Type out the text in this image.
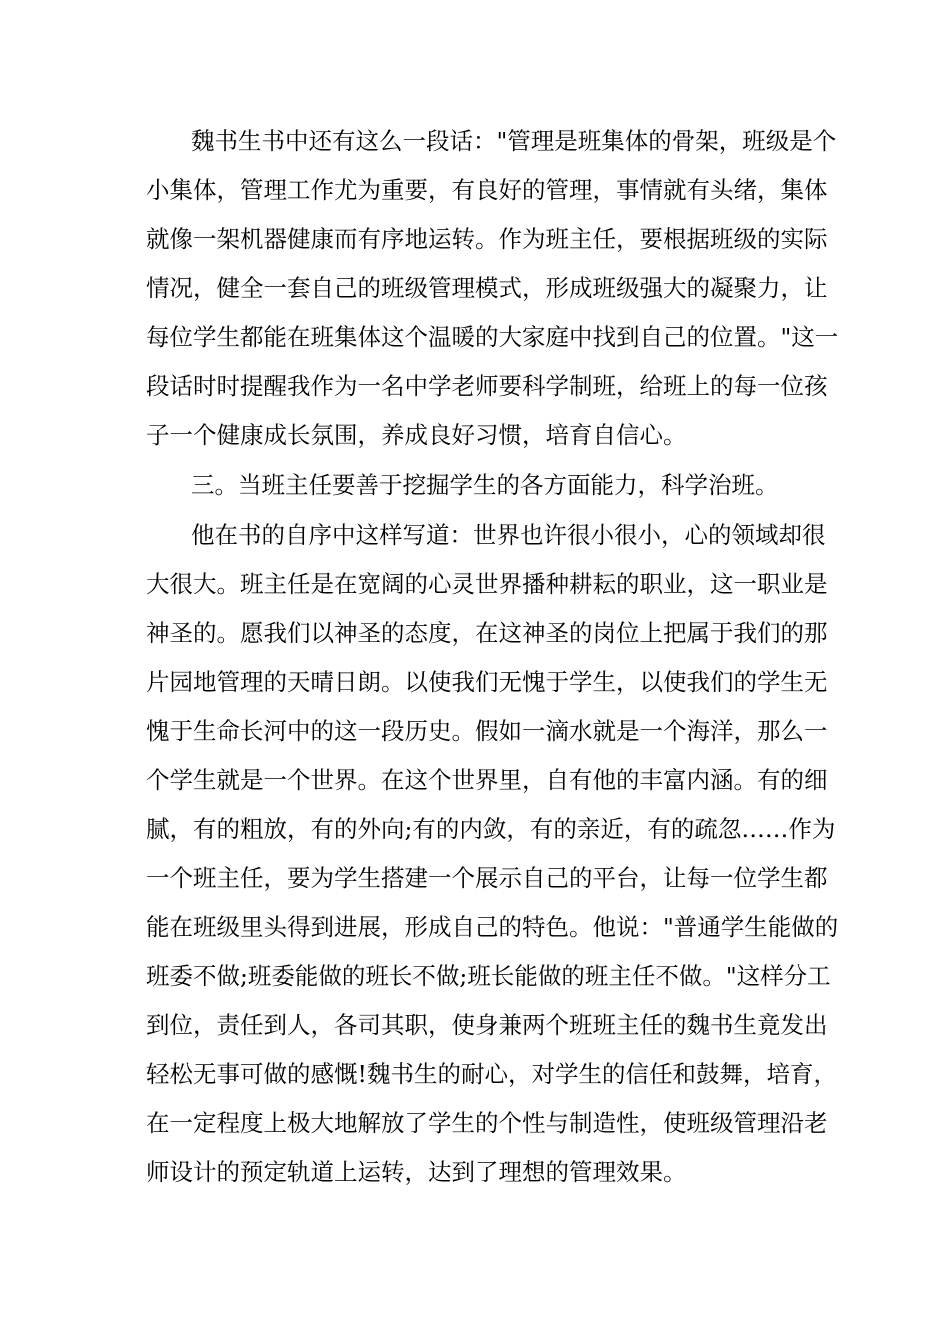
魏书生书中还有这么一段话："管理是班集体的骨架，班级是个
小集体，管理工作尤为重要，有良好的管理，事情就有头绪，集体
就像一架机器健康而有序地运转。作为班主任，要根据班级的实际
情况，健全一套自己的班级管理模式，形成班级强大的凝聚力，让
每位学生都能在班集体这个温暖的大家庭中找到自己的位置。"这一
段话时时提醒我作为一名中学老师要科学制班，给班上的每一位孩
子一个健康成长氛围，养成良好习惯，培育自信心。
三。当班主任要善于挖掘学生的各方面能力，科学治班。
他在书的自序中这样写道：世界也许很小很小，心的领域却很
大很大。班主任是在宽阔的心灵世界播种耕耘的职业，这一职业是
神圣的。愿我们以神圣的态度，在这神圣的岗位上把属于我们的那
片园地管理的天晴日朗。以使我们无愧于学生，以使我们的学生无
愧于生命长河中的这一段历史。假如一滴水就是一个海洋，那么一
个学生就是一个世界。在这个世界里，自有他的丰富内涵。有的细
腻，有的粗放，有的外向;有的内敛，有的亲近，有的疏忽……作为
一个班主任，要为学生搭建一个展示自己的平台，让每一位学生都
能在班级里头得到进展，形成自己的特色。他说："普通学生能做的
班委不做;班委能做的班长不做;班长能做的班主任不做。"这样分工
到位，责任到人，各司其职，使身兼两个班班主任的魏书生竟发出
轻松无事可做的感慨!魏书生的耐心，对学生的信任和鼓舞，培育，
在一定程度上极大地解放了学生的个性与制造性，使班级管理沿老
师设计的预定轨道上运转，达到了理想的管理效果。
